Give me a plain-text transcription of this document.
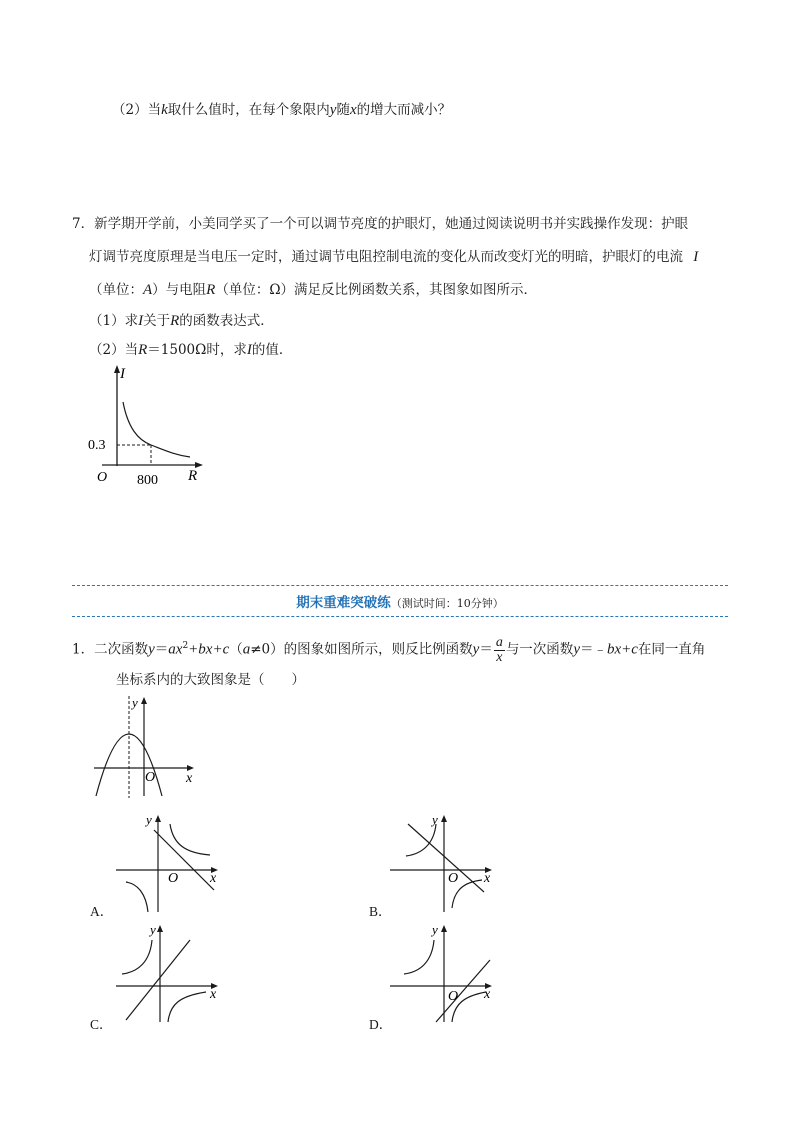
（2）当k取什么值时，在每个象限内y随x的增大而减小？
7．新学期开学前，小美同学买了一个可以调节亮度的护眼灯，她通过阅读说明书并实践操作发现：护眼
灯调节亮度原理是当电压一定时，通过调节电阻控制电流的变化从而改变灯光的明暗，护眼灯的电流 I
（单位：A）与电阻R（单位：Ω）满足反比例函数关系，其图象如图所示．
（1）求I关于R的函数表达式．
（2）当R＝1500Ω时，求I的值．
I
R
O
0.3
800
期末重难突破练（测试时间：10分钟）
1．二次函数$y=ax^2+bx+c(a\ne 0)$的图象如图所示，则反比例函数$y= \frac{a}{x}$ 与一次函数y＝﹣bx+c在同一直角
坐标系内的大致图象是（　　）
y
x
O
A．
y
x
O
B．
y
x
O
C．
y
x
D．
y
x
O
